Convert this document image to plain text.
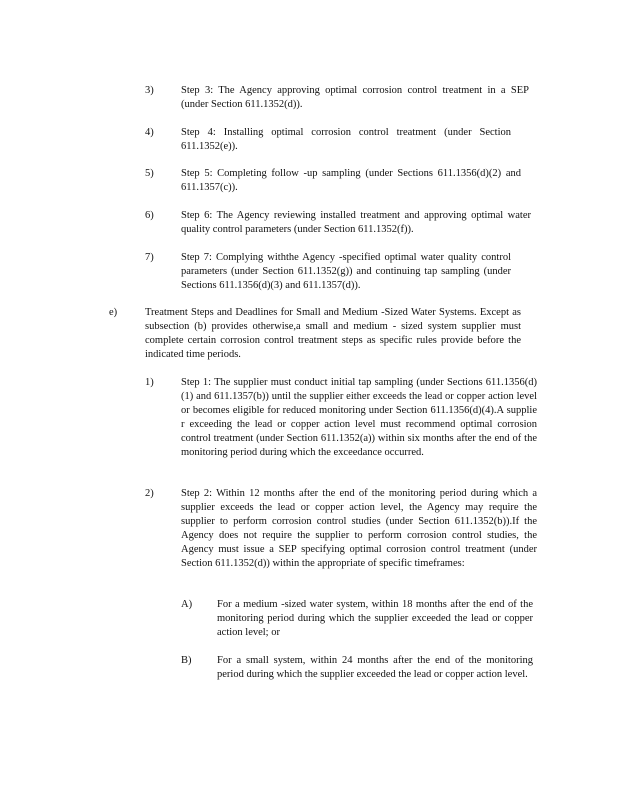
3)	Step 3: The Agency approving optimal corrosion control treatment in a SEP (under Section 611.1352(d)).
4)	Step 4: Installing optimal corrosion control treatment (under Section 611.1352(e)).
5)	Step 5: Completing follow -up sampling (under Sections 611.1356(d)(2) and 611.1357(c)).
6)	Step 6: The Agency reviewing installed treatment and approving optimal water quality control parameters (under Section 611.1352(f)).
7)	Step 7: Complying withthe Agency -specified optimal water quality control parameters (under Section 611.1352(g)) and continuing tap sampling (under Sections 611.1356(d)(3) and 611.1357(d)).
e)	Treatment Steps and Deadlines for Small and Medium -Sized Water Systems. Except as subsection (b) provides otherwise,a small and medium - sized system supplier must complete certain corrosion control treatment steps as specific rules provide before the indicated time periods.
1)	Step 1: The supplier must conduct initial tap sampling (under Sections 611.1356(d)(1) and 611.1357(b)) until the supplier either exceeds the lead or copper action level or becomes eligible for reduced monitoring under Section 611.1356(d)(4).A supplie r exceeding the lead or copper action level must recommend optimal corrosion control treatment (under Section 611.1352(a)) within six months after the end of the monitoring period during which the exceedance occurred.
2)	Step 2: Within 12 months after the end of the monitoring period during which a supplier exceeds the lead or copper action level, the Agency may require the supplier to perform corrosion control studies (under Section 611.1352(b)).If the Agency does not require the supplier to perform corrosion control studies, the Agency must issue a SEP specifying optimal corrosion control treatment (under Section 611.1352(d)) within the appropriate of specific timeframes:
A) For a medium -sized water system, within 18 months after the end of the monitoring period during which the supplier exceeded the lead or copper action level; or
B) For a small system, within 24 months after the end of the monitoring period during which the supplier exceeded the lead or copper action level.
